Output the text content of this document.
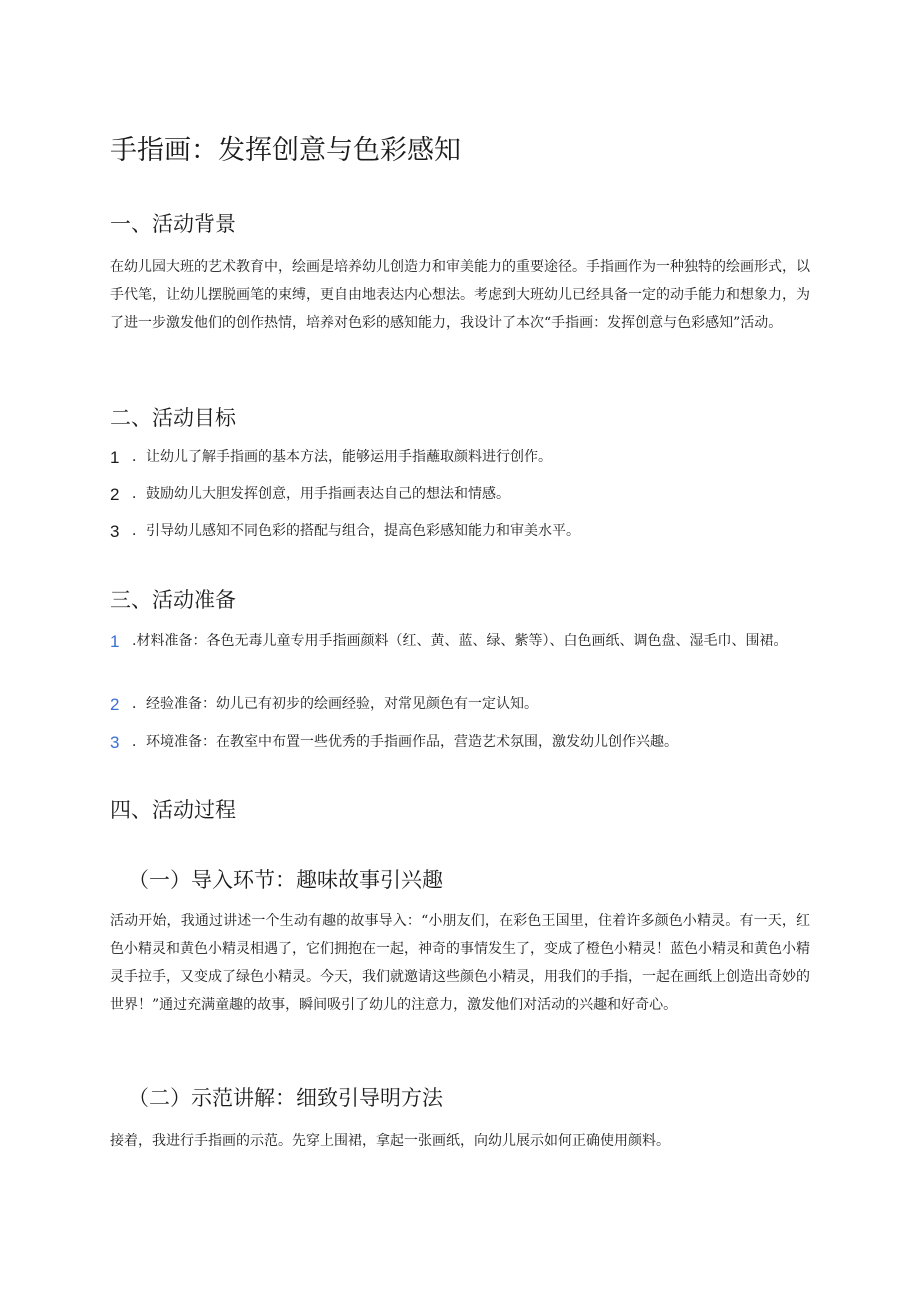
手指画：发挥创意与色彩感知
一、活动背景

在幼儿园大班的艺术教育中，绘画是培养幼儿创造力和审美能力的重要途径。手指画作为一种独特的绘画形式，以手代笔，让幼儿摆脱画笔的束缚，更自由地表达内心想法。考虑到大班幼儿已经具备一定的动手能力和想象力，为了进一步激发他们的创作热情，培养对色彩的感知能力，我设计了本次“手指画：发挥创意与色彩感知”活动。

二、活动目标
1 ．让幼儿了解手指画的基本方法，能够运用手指蘸取颜料进行创作。
2 ．鼓励幼儿大胆发挥创意，用手指画表达自己的想法和情感。
3 ．引导幼儿感知不同色彩的搭配与组合，提高色彩感知能力和审美水平。
三、活动准备
1 .材料准备：各色无毒儿童专用手指画颜料（红、黄、蓝、绿、紫等）、白色画纸、调色盘、湿毛巾、围裙。
2 ．经验准备：幼儿已有初步的绘画经验，对常见颜色有一定认知。
3 ．环境准备：在教室中布置一些优秀的手指画作品，营造艺术氛围，激发幼儿创作兴趣。
四、活动过程
（一）导入环节：趣味故事引兴趣

活动开始，我通过讲述一个生动有趣的故事导入：“小朋友们，在彩色王国里，住着许多颜色小精灵。有一天，红色小精灵和黄色小精灵相遇了，它们拥抱在一起，神奇的事情发生了，变成了橙色小精灵！蓝色小精灵和黄色小精灵手拉手，又变成了绿色小精灵。今天，我们就邀请这些颜色小精灵，用我们的手指，一起在画纸上创造出奇妙的世界！”通过充满童趣的故事，瞬间吸引了幼儿的注意力，激发他们对活动的兴趣和好奇心。

（二）示范讲解：细致引导明方法

接着，我进行手指画的示范。先穿上围裙，拿起一张画纸，向幼儿展示如何正确使用颜料。
